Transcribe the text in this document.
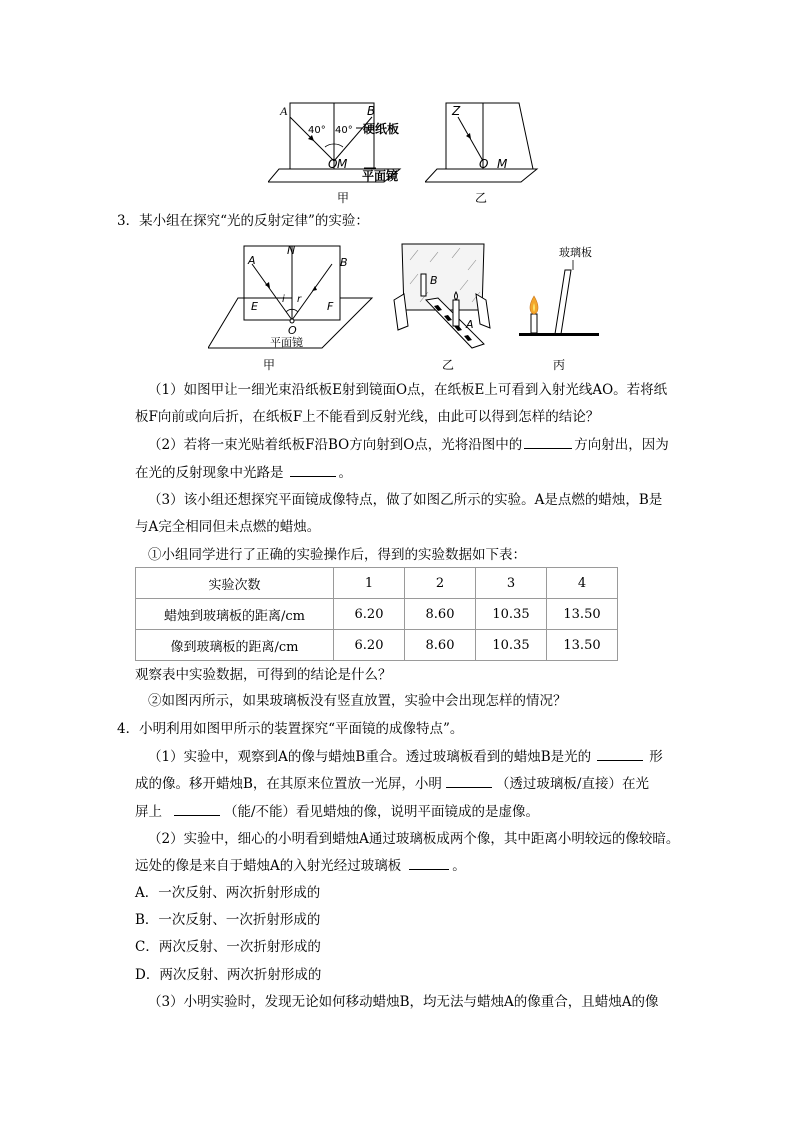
A	B
40° 40°
O M
甲
硬纸板
平面镜
Z
O M
乙
3．某小组在探究“光的反射定律”的实验：
N
A	B
E	F
i r
O
平面镜
甲
B
A
乙
玻璃板
丙
（1）如图甲让一细光束沿纸板E射到镜面O点，在纸板E上可看到入射光线AO。若将纸
板F向前或向后折，在纸板F上不能看到反射光线，由此可以得到怎样的结论？
（2）若将一束光贴着纸板F沿BO方向射到O点，光将沿图中的	方向射出，因为
在光的反射现象中光路是	。
（3）该小组还想探究平面镜成像特点，做了如图乙所示的实验。A是点燃的蜡烛，B是
与A完全相同但未点燃的蜡烛。
①小组同学进行了正确的实验操作后，得到的实验数据如下表：
实验次数	1	2	3	4
蜡烛到玻璃板的距离/cm	6.20	8.60	10.35	13.50
像到玻璃板的距离/cm	6.20	8.60	10.35	13.50
观察表中实验数据，可得到的结论是什么？
②如图丙所示，如果玻璃板没有竖直放置，实验中会出现怎样的情况？
4．小明利用如图甲所示的装置探究“平面镜的成像特点”。
（1）实验中，观察到A的像与蜡烛B重合。透过玻璃板看到的蜡烛B是光的	形
成的像。移开蜡烛B，在其原来位置放一光屏，小明	（透过玻璃板/直接）在光
屏上	（能/不能）看见蜡烛的像，说明平面镜成的是虚像。
（2）实验中，细心的小明看到蜡烛A通过玻璃板成两个像，其中距离小明较远的像较暗。
远处的像是来自于蜡烛A的入射光经过玻璃板	。
A．一次反射、两次折射形成的
B．一次反射、一次折射形成的
C．两次反射、一次折射形成的
D．两次反射、两次折射形成的
（3）小明实验时，发现无论如何移动蜡烛B，均无法与蜡烛A的像重合，且蜡烛A的像
